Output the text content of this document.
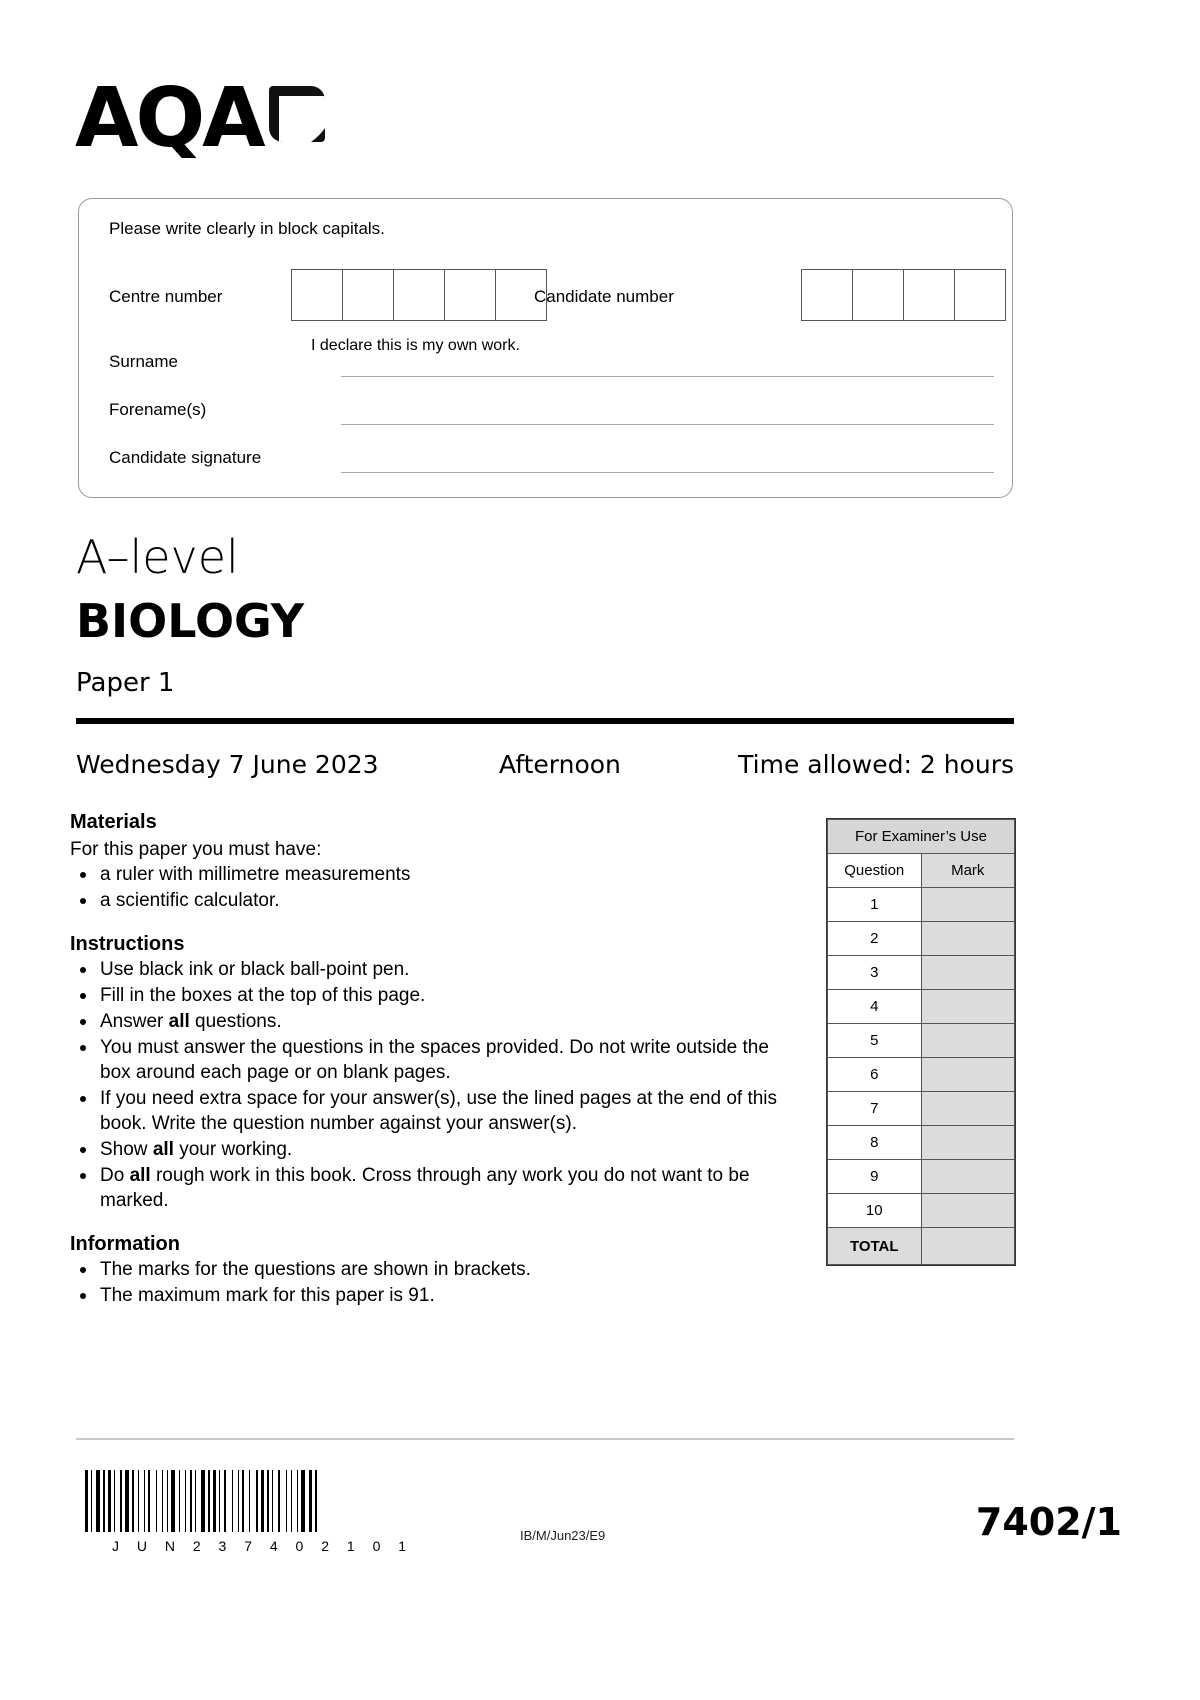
AQA
Please write clearly in block capitals.
Centre number	Candidate number
Surname
Forename(s)
Candidate signature
I declare this is my own work.
A–level
BIOLOGY
Paper 1
Wednesday 7 June 2023	Afternoon	Time allowed: 2 hours
Materials
For this paper you must have:
a ruler with millimetre measurements
a scientific calculator.
Instructions
Use black ink or black ball-point pen.
Fill in the boxes at the top of this page.
Answer all questions.
You must answer the questions in the spaces provided. Do not write outside the box around each page or on blank pages.
If you need extra space for your answer(s), use the lined pages at the end of this book. Write the question number against your answer(s).
Show all your working.
Do all rough work in this book. Cross through any work you do not want to be marked.
Information
The marks for the questions are shown in brackets.
The maximum mark for this paper is 91.
For Examiner’s Use	
Question	Mark
1	
2	
3	
4	
5	
6	
7	
8	
9	
10	
TOTAL	
J U N 2 3 7 4 0 2 1 0 1
IB/M/Jun23/E9	7402/1
